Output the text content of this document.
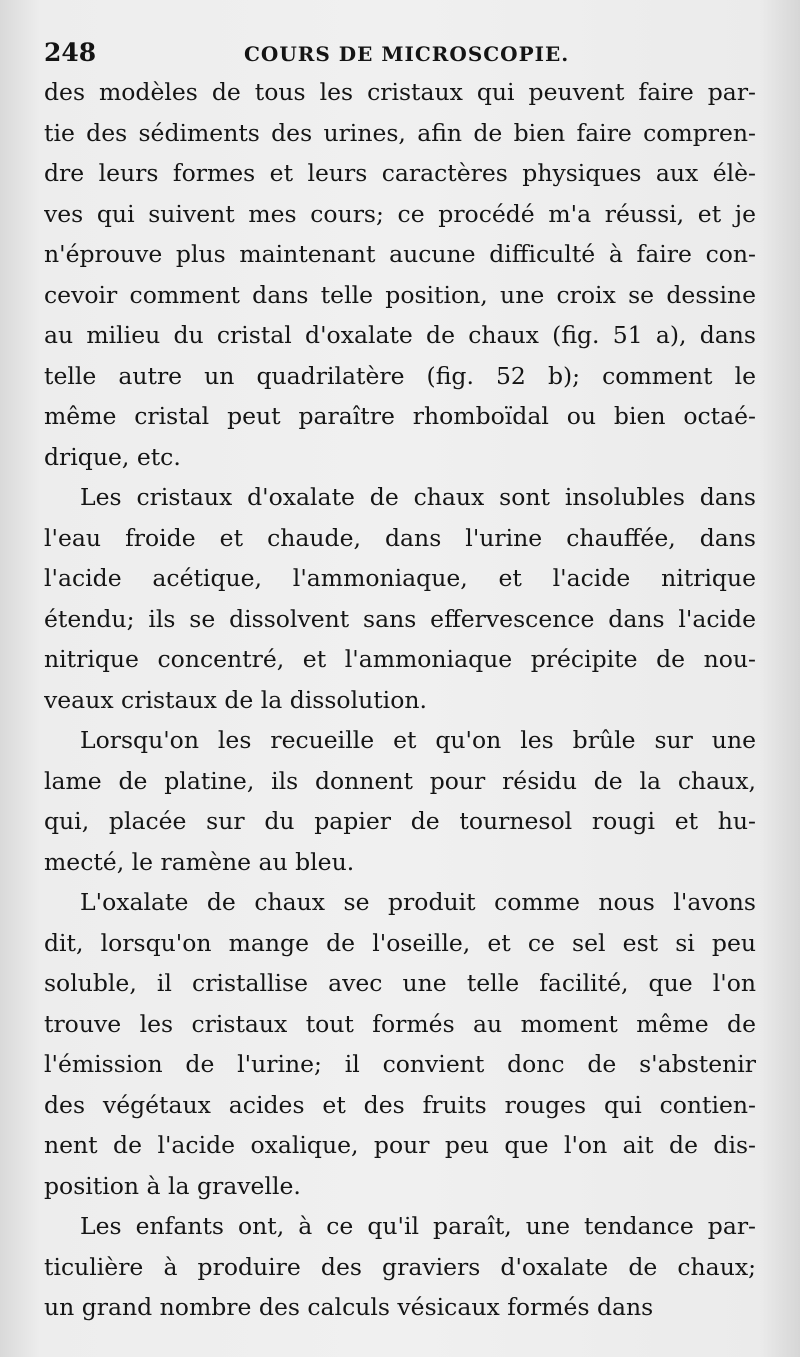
248	COURS DE MICROSCOPIE.
des modèles de tous les cristaux qui peuvent faire par-
tie des sédiments des urines, afin de bien faire compren-
dre leurs formes et leurs caractères physiques aux élè-
ves qui suivent mes cours; ce procédé m'a réussi, et je
n'éprouve plus maintenant aucune difficulté à faire con-
cevoir comment dans telle position, une croix se dessine
au milieu du cristal d'oxalate de chaux (fig. 51 a), dans
telle autre un quadrilatère (fig. 52 b); comment le
même cristal peut paraître rhomboïdal ou bien octaé-
drique, etc.
Les cristaux d'oxalate de chaux sont insolubles dans
l'eau froide et chaude, dans l'urine chauffée, dans
l'acide acétique, l'ammoniaque, et l'acide nitrique
étendu; ils se dissolvent sans effervescence dans l'acide
nitrique concentré, et l'ammoniaque précipite de nou-
veaux cristaux de la dissolution.
Lorsqu'on les recueille et qu'on les brûle sur une
lame de platine, ils donnent pour résidu de la chaux,
qui, placée sur du papier de tournesol rougi et hu-
mecté, le ramène au bleu.
L'oxalate de chaux se produit comme nous l'avons
dit, lorsqu'on mange de l'oseille, et ce sel est si peu
soluble, il cristallise avec une telle facilité, que l'on
trouve les cristaux tout formés au moment même de
l'émission de l'urine; il convient donc de s'abstenir
des végétaux acides et des fruits rouges qui contien-
nent de l'acide oxalique, pour peu que l'on ait de dis-
position à la gravelle.
Les enfants ont, à ce qu'il paraît, une tendance par-
ticulière à produire des graviers d'oxalate de chaux;
un grand nombre des calculs vésicaux formés dans
